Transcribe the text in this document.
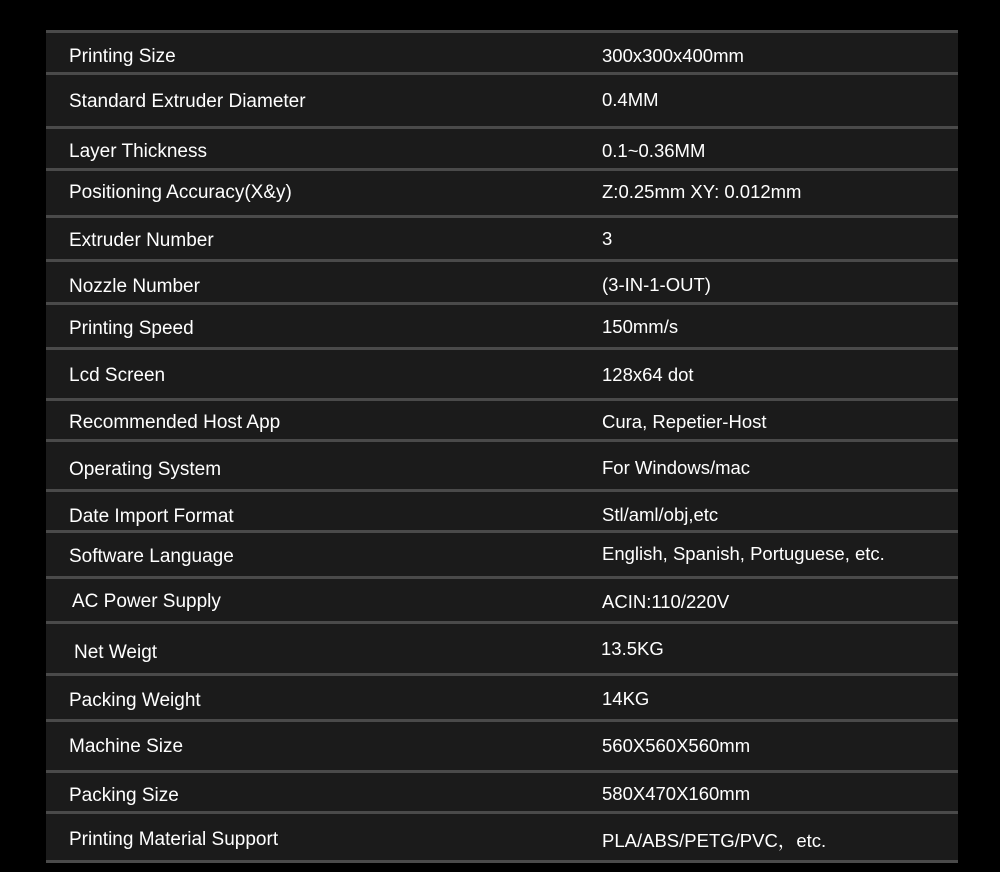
Printing Size	300x300x400mm
Standard Extruder Diameter	0.4MM
Layer Thickness	0.1~0.36MM
Positioning Accuracy(X&y)	Z:0.25mm XY: 0.012mm
Extruder Number	3
Nozzle Number	(3-IN-1-OUT)
Printing Speed	150mm/s
Lcd Screen	128x64 dot
Recommended Host App	Cura, Repetier-Host
Operating System	For Windows/mac
Date Import Format	Stl/aml/obj,etc
Software Language	English, Spanish, Portuguese, etc.
AC Power Supply	ACIN:110/220V
Net Weigt	13.5KG
Packing Weight	14KG
Machine Size	560X560X560mm
Packing Size	580X470X160mm
Printing Material Support	PLA/ABS/PETG/PVC，etc.
